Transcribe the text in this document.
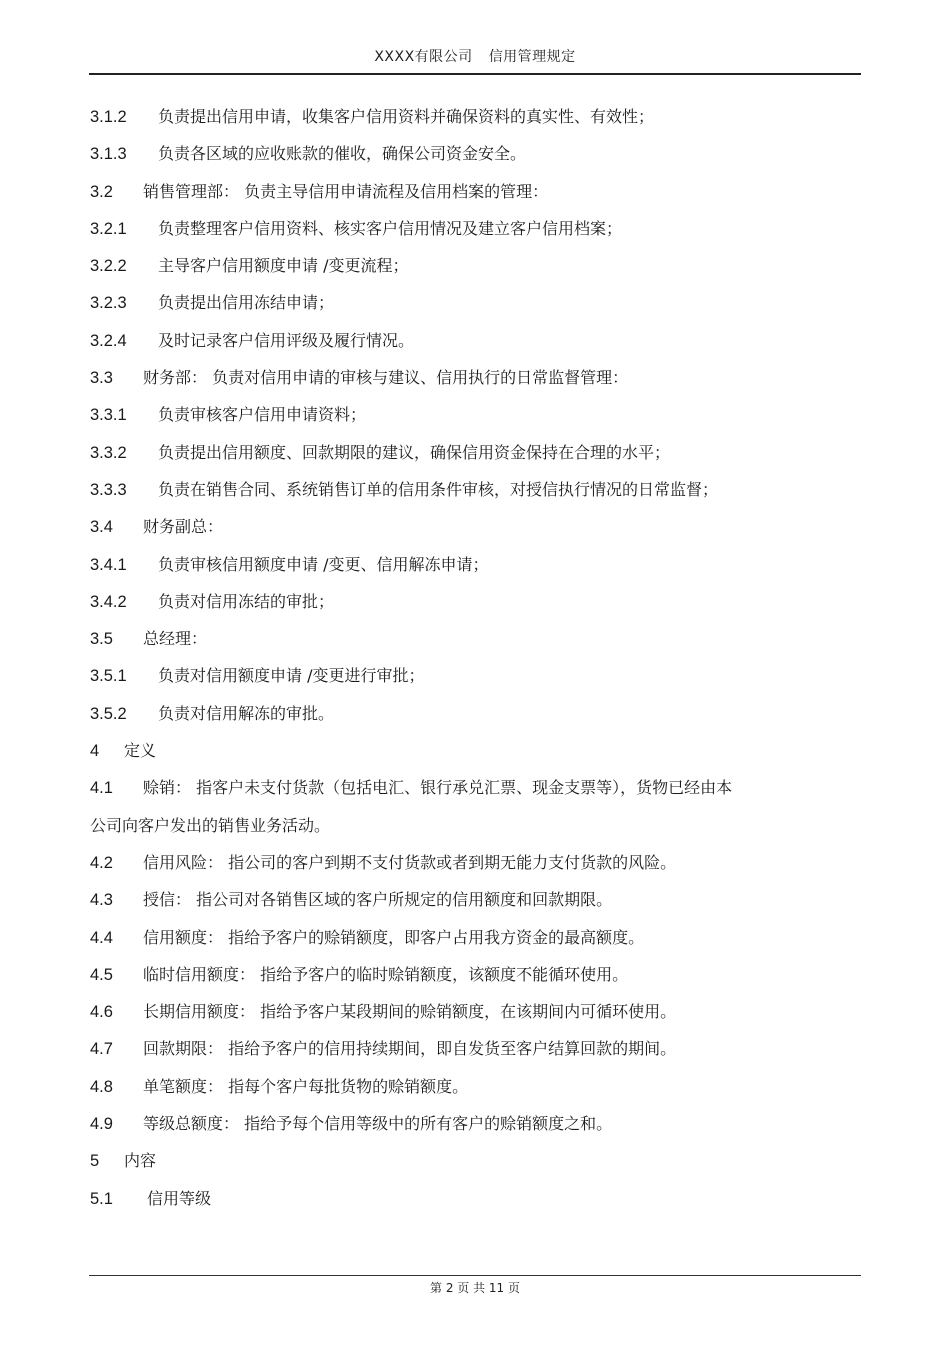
XXXX有限公司 信用管理规定
3.1.2 负责提出信用申请，收集客户信用资料并确保资料的真实性、有效性；
3.1.3 负责各区域的应收账款的催收，确保公司资金安全。
3.2 销售管理部： 负责主导信用申请流程及信用档案的管理：
3.2.1 负责整理客户信用资料、核实客户信用情况及建立客户信用档案；
3.2.2 主导客户信用额度申请 /变更流程；
3.2.3 负责提出信用冻结申请；
3.2.4 及时记录客户信用评级及履行情况。
3.3 财务部： 负责对信用申请的审核与建议、信用执行的日常监督管理：
3.3.1 负责审核客户信用申请资料；
3.3.2 负责提出信用额度、回款期限的建议，确保信用资金保持在合理的水平；
3.3.3 负责在销售合同、系统销售订单的信用条件审核，对授信执行情况的日常监督；
3.4 财务副总：
3.4.1 负责审核信用额度申请 /变更、信用解冻申请；
3.4.2 负责对信用冻结的审批；
3.5 总经理：
3.5.1 负责对信用额度申请 /变更进行审批；
3.5.2 负责对信用解冻的审批。
4 定义
4.1 赊销： 指客户未支付货款（包括电汇、银行承兑汇票、现金支票等），货物已经由本
公司向客户发出的销售业务活动。
4.2 信用风险： 指公司的客户到期不支付货款或者到期无能力支付货款的风险。
4.3 授信： 指公司对各销售区域的客户所规定的信用额度和回款期限。
4.4 信用额度： 指给予客户的赊销额度，即客户占用我方资金的最高额度。
4.5 临时信用额度： 指给予客户的临时赊销额度，该额度不能循环使用。
4.6 长期信用额度： 指给予客户某段期间的赊销额度，在该期间内可循环使用。
4.7 回款期限： 指给予客户的信用持续期间，即自发货至客户结算回款的期间。
4.8 单笔额度： 指每个客户每批货物的赊销额度。
4.9 等级总额度： 指给予每个信用等级中的所有客户的赊销额度之和。
5 内容
5.1 信用等级
第 2 页 共 11 页
